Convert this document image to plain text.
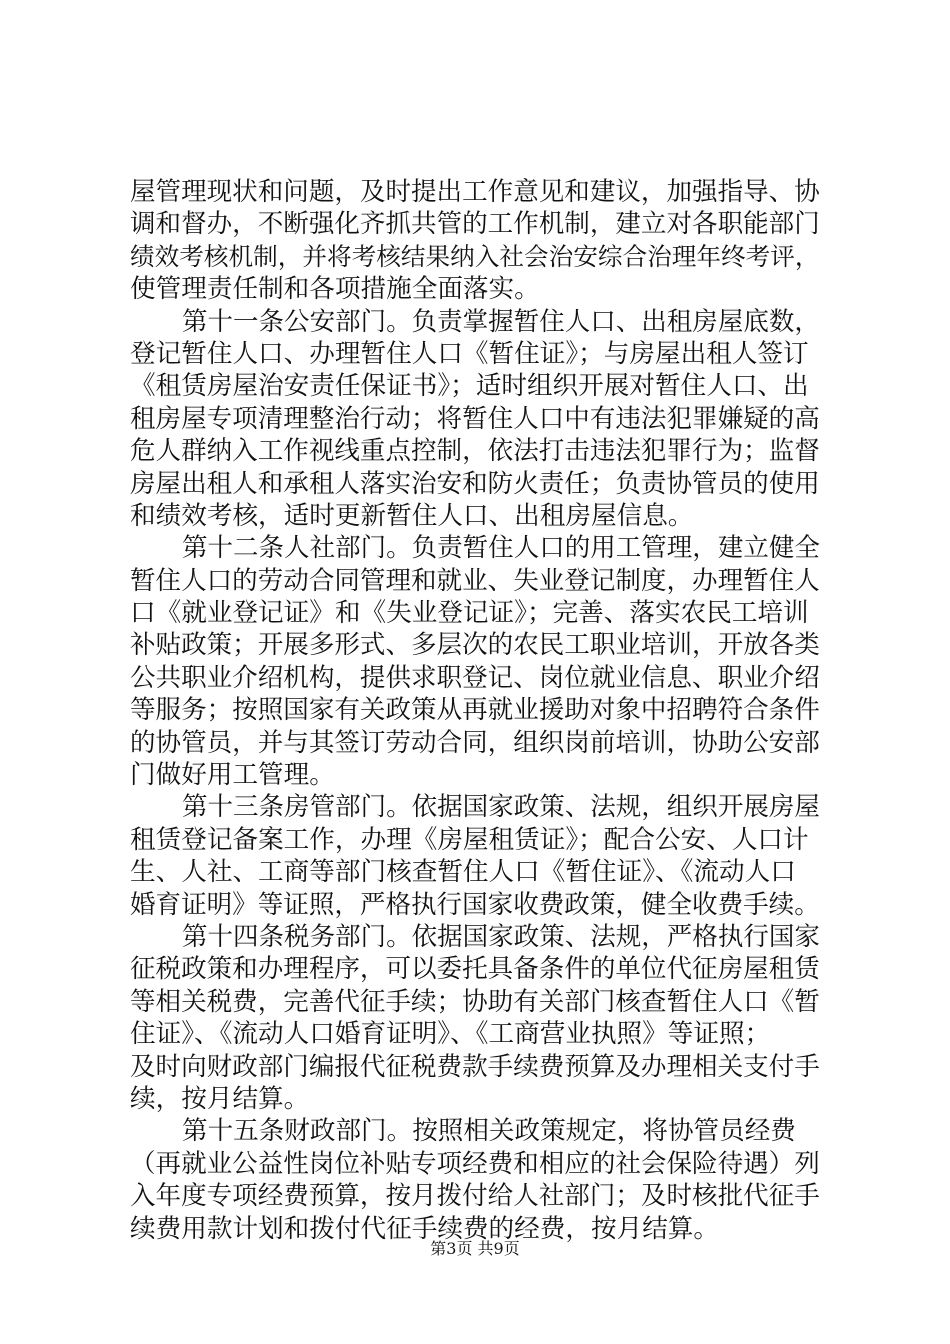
屋管理现状和问题，及时提出工作意见和建议，加强指导、协
调和督办，不断强化齐抓共管的工作机制，建立对各职能部门
绩效考核机制，并将考核结果纳入社会治安综合治理年终考评，
使管理责任制和各项措施全面落实。
第十一条公安部门。负责掌握暂住人口、出租房屋底数，
登记暂住人口、办理暂住人口《暂住证》；与房屋出租人签订
《租赁房屋治安责任保证书》；适时组织开展对暂住人口、出
租房屋专项清理整治行动；将暂住人口中有违法犯罪嫌疑的高
危人群纳入工作视线重点控制，依法打击违法犯罪行为；监督
房屋出租人和承租人落实治安和防火责任；负责协管员的使用
和绩效考核，适时更新暂住人口、出租房屋信息。
第十二条人社部门。负责暂住人口的用工管理，建立健全
暂住人口的劳动合同管理和就业、失业登记制度，办理暂住人
口《就业登记证》和《失业登记证》；完善、落实农民工培训
补贴政策；开展多形式、多层次的农民工职业培训，开放各类
公共职业介绍机构，提供求职登记、岗位就业信息、职业介绍
等服务；按照国家有关政策从再就业援助对象中招聘符合条件
的协管员，并与其签订劳动合同，组织岗前培训，协助公安部
门做好用工管理。
第十三条房管部门。依据国家政策、法规，组织开展房屋
租赁登记备案工作，办理《房屋租赁证》；配合公安、人口计
生、人社、工商等部门核查暂住人口《暂住证》、《流动人口
婚育证明》等证照，严格执行国家收费政策，健全收费手续。
第十四条税务部门。依据国家政策、法规，严格执行国家
征税政策和办理程序，可以委托具备条件的单位代征房屋租赁
等相关税费，完善代征手续；协助有关部门核查暂住人口《暂
住证》、《流动人口婚育证明》、《工商营业执照》等证照；
及时向财政部门编报代征税费款手续费预算及办理相关支付手
续，按月结算。
第十五条财政部门。按照相关政策规定，将协管员经费
（再就业公益性岗位补贴专项经费和相应的社会保险待遇）列
入年度专项经费预算，按月拨付给人社部门；及时核批代征手
续费用款计划和拨付代征手续费的经费，按月结算。
第3页 共9页
